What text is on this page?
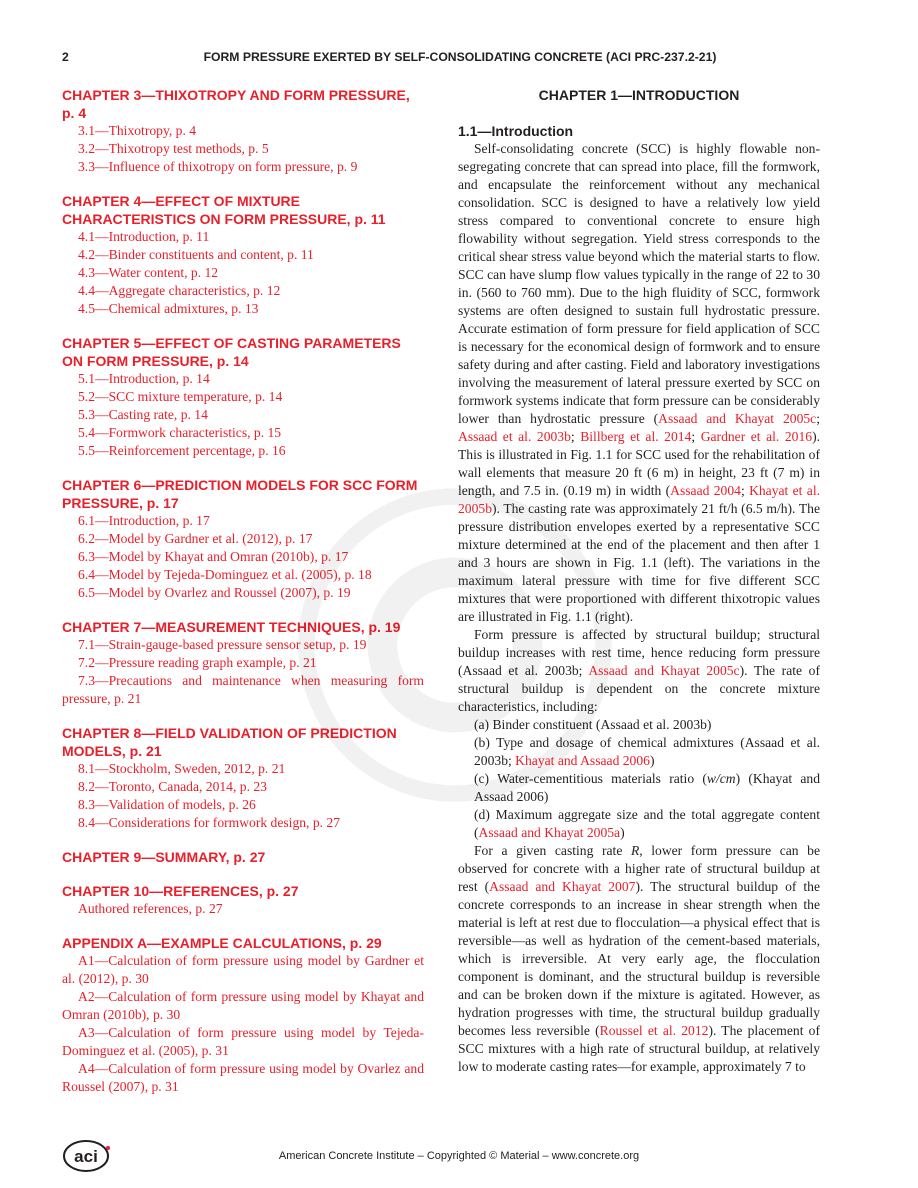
2	FORM PRESSURE EXERTED BY SELF-CONSOLIDATING CONCRETE (ACI PRC-237.2-21)
CHAPTER 3—THIXOTROPY AND FORM PRESSURE, p. 4
3.1—Thixotropy, p. 4
3.2—Thixotropy test methods, p. 5
3.3—Influence of thixotropy on form pressure, p. 9
CHAPTER 4—EFFECT OF MIXTURE CHARACTERISTICS ON FORM PRESSURE, p. 11
4.1—Introduction, p. 11
4.2—Binder constituents and content, p. 11
4.3—Water content, p. 12
4.4—Aggregate characteristics, p. 12
4.5—Chemical admixtures, p. 13
CHAPTER 5—EFFECT OF CASTING PARAMETERS ON FORM PRESSURE, p. 14
5.1—Introduction, p. 14
5.2—SCC mixture temperature, p. 14
5.3—Casting rate, p. 14
5.4—Formwork characteristics, p. 15
5.5—Reinforcement percentage, p. 16
CHAPTER 6—PREDICTION MODELS FOR SCC FORM PRESSURE, p. 17
6.1—Introduction, p. 17
6.2—Model by Gardner et al. (2012), p. 17
6.3—Model by Khayat and Omran (2010b), p. 17
6.4—Model by Tejeda-Dominguez et al. (2005), p. 18
6.5—Model by Ovarlez and Roussel (2007), p. 19
CHAPTER 7—MEASUREMENT TECHNIQUES, p. 19
7.1—Strain-gauge-based pressure sensor setup, p. 19
7.2—Pressure reading graph example, p. 21
7.3—Precautions and maintenance when measuring form pressure, p. 21
CHAPTER 8—FIELD VALIDATION OF PREDICTION MODELS, p. 21
8.1—Stockholm, Sweden, 2012, p. 21
8.2—Toronto, Canada, 2014, p. 23
8.3—Validation of models, p. 26
8.4—Considerations for formwork design, p. 27
CHAPTER 9—SUMMARY, p. 27
CHAPTER 10—REFERENCES, p. 27
Authored references, p. 27
APPENDIX A—EXAMPLE CALCULATIONS, p. 29
A1—Calculation of form pressure using model by Gardner et al. (2012), p. 30
A2—Calculation of form pressure using model by Khayat and Omran (2010b), p. 30
A3—Calculation of form pressure using model by Tejeda-Dominguez et al. (2005), p. 31
A4—Calculation of form pressure using model by Ovarlez and Roussel (2007), p. 31
CHAPTER 1—INTRODUCTION
1.1—Introduction

Self-consolidating concrete (SCC) is highly flowable non-segregating concrete that can spread into place, fill the formwork, and encapsulate the reinforcement without any mechanical consolidation. SCC is designed to have a relatively low yield stress compared to conventional concrete to ensure high flowability without segregation. Yield stress corresponds to the critical shear stress value beyond which the material starts to flow. SCC can have slump flow values typically in the range of 22 to 30 in. (560 to 760 mm). Due to the high fluidity of SCC, formwork systems are often designed to sustain full hydrostatic pressure. Accurate estimation of form pressure for field application of SCC is necessary for the economical design of formwork and to ensure safety during and after casting. Field and laboratory investigations involving the measurement of lateral pressure exerted by SCC on formwork systems indicate that form pressure can be considerably lower than hydrostatic pressure (Assaad and Khayat 2005c; Assaad et al. 2003b; Billberg et al. 2014; Gardner et al. 2016). This is illustrated in Fig. 1.1 for SCC used for the rehabilitation of wall elements that measure 20 ft (6 m) in height, 23 ft (7 m) in length, and 7.5 in. (0.19 m) in width (Assaad 2004; Khayat et al. 2005b). The casting rate was approximately 21 ft/h (6.5 m/h). The pressure distribution envelopes exerted by a representative SCC mixture determined at the end of the placement and then after 1 and 3 hours are shown in Fig. 1.1 (left). The variations in the maximum lateral pressure with time for five different SCC mixtures that were proportioned with different thixotropic values are illustrated in Fig. 1.1 (right).

Form pressure is affected by structural buildup; structural buildup increases with rest time, hence reducing form pressure (Assaad et al. 2003b; Assaad and Khayat 2005c). The rate of structural buildup is dependent on the concrete mixture characteristics, including:

(a) Binder constituent (Assaad et al. 2003b)

(b) Type and dosage of chemical admixtures (Assaad et al. 2003b; Khayat and Assaad 2006)

(c) Water-cementitious materials ratio (w/cm) (Khayat and Assaad 2006)

(d) Maximum aggregate size and the total aggregate content (Assaad and Khayat 2005a)

For a given casting rate R, lower form pressure can be observed for concrete with a higher rate of structural buildup at rest (Assaad and Khayat 2007). The structural buildup of the concrete corresponds to an increase in shear strength when the material is left at rest due to flocculation—a physical effect that is reversible—as well as hydration of the cement-based materials, which is irreversible. At very early age, the flocculation component is dominant, and the structural buildup is reversible and can be broken down if the mixture is agitated. However, as hydration progresses with time, the structural buildup gradually becomes less reversible (Roussel et al. 2012). The placement of SCC mixtures with a high rate of structural buildup, at relatively low to moderate casting rates—for example, approximately 7 to

aci	American Concrete Institute – Copyrighted © Material – www.concrete.org
